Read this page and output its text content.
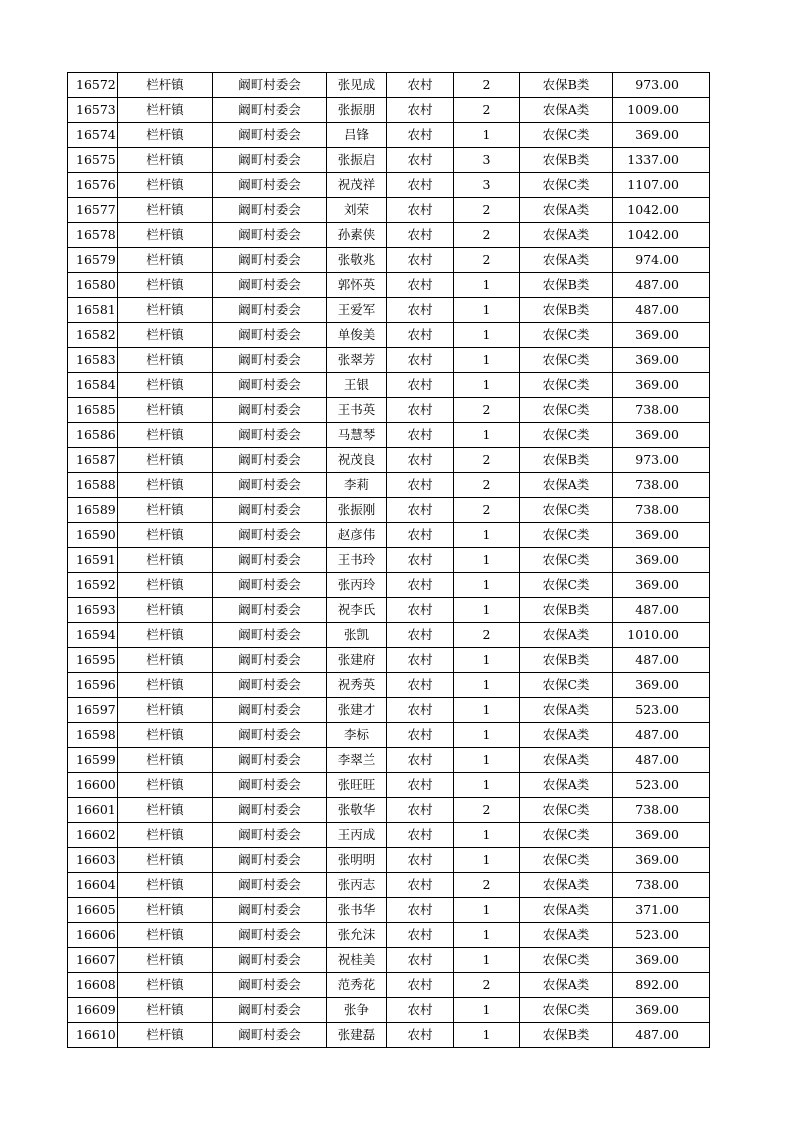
16572	栏杆镇	阚町村委会	张见成	农村	2	农保B类	973.00
16573	栏杆镇	阚町村委会	张振朋	农村	2	农保A类	1009.00
16574	栏杆镇	阚町村委会	吕锋	农村	1	农保C类	369.00
16575	栏杆镇	阚町村委会	张振启	农村	3	农保B类	1337.00
16576	栏杆镇	阚町村委会	祝茂祥	农村	3	农保C类	1107.00
16577	栏杆镇	阚町村委会	刘荣	农村	2	农保A类	1042.00
16578	栏杆镇	阚町村委会	孙素侠	农村	2	农保A类	1042.00
16579	栏杆镇	阚町村委会	张敬兆	农村	2	农保A类	974.00
16580	栏杆镇	阚町村委会	郭怀英	农村	1	农保B类	487.00
16581	栏杆镇	阚町村委会	王爱军	农村	1	农保B类	487.00
16582	栏杆镇	阚町村委会	单俊美	农村	1	农保C类	369.00
16583	栏杆镇	阚町村委会	张翠芳	农村	1	农保C类	369.00
16584	栏杆镇	阚町村委会	王银	农村	1	农保C类	369.00
16585	栏杆镇	阚町村委会	王书英	农村	2	农保C类	738.00
16586	栏杆镇	阚町村委会	马慧琴	农村	1	农保C类	369.00
16587	栏杆镇	阚町村委会	祝茂良	农村	2	农保B类	973.00
16588	栏杆镇	阚町村委会	李莉	农村	2	农保A类	738.00
16589	栏杆镇	阚町村委会	张振刚	农村	2	农保C类	738.00
16590	栏杆镇	阚町村委会	赵彦伟	农村	1	农保C类	369.00
16591	栏杆镇	阚町村委会	王书玲	农村	1	农保C类	369.00
16592	栏杆镇	阚町村委会	张丙玲	农村	1	农保C类	369.00
16593	栏杆镇	阚町村委会	祝李氏	农村	1	农保B类	487.00
16594	栏杆镇	阚町村委会	张凯	农村	2	农保A类	1010.00
16595	栏杆镇	阚町村委会	张建府	农村	1	农保B类	487.00
16596	栏杆镇	阚町村委会	祝秀英	农村	1	农保C类	369.00
16597	栏杆镇	阚町村委会	张建才	农村	1	农保A类	523.00
16598	栏杆镇	阚町村委会	李标	农村	1	农保A类	487.00
16599	栏杆镇	阚町村委会	李翠兰	农村	1	农保A类	487.00
16600	栏杆镇	阚町村委会	张旺旺	农村	1	农保A类	523.00
16601	栏杆镇	阚町村委会	张敬华	农村	2	农保C类	738.00
16602	栏杆镇	阚町村委会	王丙成	农村	1	农保C类	369.00
16603	栏杆镇	阚町村委会	张明明	农村	1	农保C类	369.00
16604	栏杆镇	阚町村委会	张丙志	农村	2	农保A类	738.00
16605	栏杆镇	阚町村委会	张书华	农村	1	农保A类	371.00
16606	栏杆镇	阚町村委会	张允沫	农村	1	农保A类	523.00
16607	栏杆镇	阚町村委会	祝桂美	农村	1	农保C类	369.00
16608	栏杆镇	阚町村委会	范秀花	农村	2	农保A类	892.00
16609	栏杆镇	阚町村委会	张争	农村	1	农保C类	369.00
16610	栏杆镇	阚町村委会	张建磊	农村	1	农保B类	487.00
